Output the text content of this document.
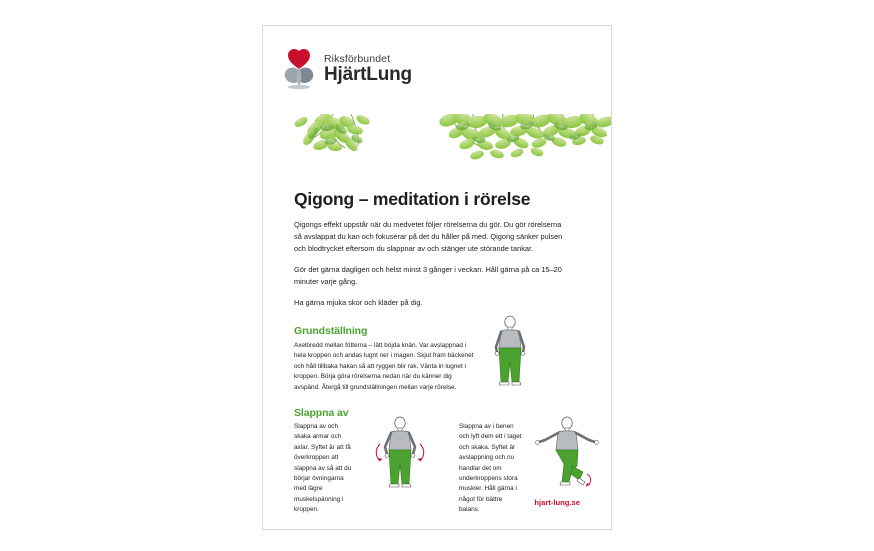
Riksförbundet
HjärtLung
Qigong – meditation i rörelse

Qigongs effekt uppstår när du medvetet följer rörelserna du gör. Du gör rörelserna så avslappat du kan och fokuserar på det du håller på med. Qigong sänker pulsen och blodtrycket eftersom du slappnar av och stänger ute störande tankar.

Gör det gärna dagligen och helst minst 3 gånger i veckan. Håll gärna på ca 15–20 minuter varje gång.

Ha gärna mjuka skor och kläder på dig.

Grundställning
Axelbredd mellan fötterna – lätt böjda knän. Var avslappnad i hela kroppen och andas lugnt ner i magen. Skjut fram bäckenet och håll tillbaka hakan så att ryggen blir rak. Vänta in lugnet i kroppen. Börja göra rörelserna nedan när du känner dig avspänd. Återgå till grundställningen mellan varje rörelse.
Slappna av
Slappna av och skaka armar och axlar. Syftet är att få överkroppen att slappna av så att du börjar övningarna med lägre muskelspänning i kroppen.
Slappna av i benen och lyft dem ett i taget och skaka. Syftet är avslappning och nu handlar det om underkroppens stora muskler. Håll gärna i något för bättre balans.
hjart-lung.se
